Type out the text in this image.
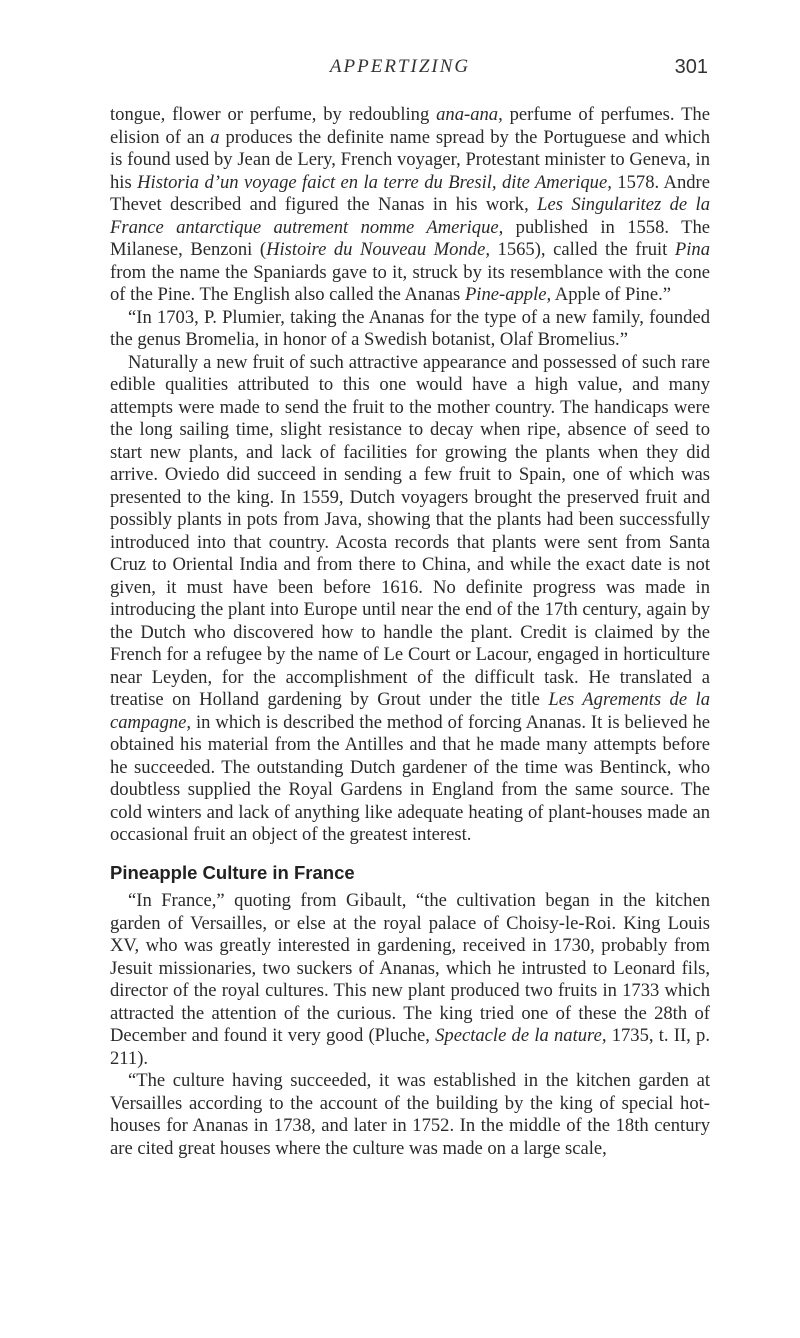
APPERTIZING	301

tongue, flower or perfume, by redoubling ana-ana, perfume of perfumes. The elision of an a produces the definite name spread by the Portuguese and which is found used by Jean de Lery, French voyager, Protestant minister to Geneva, in his Historia d’un voyage faict en la terre du Bresil, dite Amerique, 1578. Andre Thevet described and figured the Nanas in his work, Les Singularitez de la France antarctique autrement nomme Amerique, published in 1558. The Milanese, Benzoni (Histoire du Nouveau Monde, 1565), called the fruit Pina from the name the Spaniards gave to it, struck by its resemblance with the cone of the Pine. The English also called the Ananas Pine-apple, Apple of Pine.”

“In 1703, P. Plumier, taking the Ananas for the type of a new family, founded the genus Bromelia, in honor of a Swedish botanist, Olaf Bromelius.”

Naturally a new fruit of such attractive appearance and possessed of such rare edible qualities attributed to this one would have a high value, and many attempts were made to send the fruit to the mother country. The handicaps were the long sailing time, slight resistance to decay when ripe, absence of seed to start new plants, and lack of facilities for growing the plants when they did arrive. Oviedo did succeed in sending a few fruit to Spain, one of which was presented to the king. In 1559, Dutch voyagers brought the preserved fruit and possibly plants in pots from Java, showing that the plants had been successfully introduced into that country. Acosta records that plants were sent from Santa Cruz to Oriental India and from there to China, and while the exact date is not given, it must have been before 1616. No definite progress was made in introducing the plant into Europe until near the end of the 17th century, again by the Dutch who discovered how to handle the plant. Credit is claimed by the French for a refugee by the name of Le Court or Lacour, engaged in horticulture near Leyden, for the accomplishment of the difficult task. He translated a treatise on Holland gardening by Grout under the title Les Agrements de la campagne, in which is described the method of forcing Ananas. It is believed he obtained his material from the Antilles and that he made many attempts before he succeeded. The outstanding Dutch gardener of the time was Bentinck, who doubtless supplied the Royal Gardens in England from the same source. The cold winters and lack of anything like adequate heating of plant-houses made an occasional fruit an object of the greatest interest.

Pineapple Culture in France

“In France,” quoting from Gibault, “the cultivation began in the kitchen garden of Versailles, or else at the royal palace of Choisy-le-Roi. King Louis XV, who was greatly interested in gardening, received in 1730, probably from Jesuit missionaries, two suckers of Ananas, which he intrusted to Leonard fils, director of the royal cultures. This new plant produced two fruits in 1733 which attracted the attention of the curious. The king tried one of these the 28th of December and found it very good (Pluche, Spectacle de la nature, 1735, t. II, p. 211).

“The culture having succeeded, it was established in the kitchen garden at Versailles according to the account of the building by the king of special hot-houses for Ananas in 1738, and later in 1752. In the middle of the 18th century are cited great houses where the culture was made on a large scale,
